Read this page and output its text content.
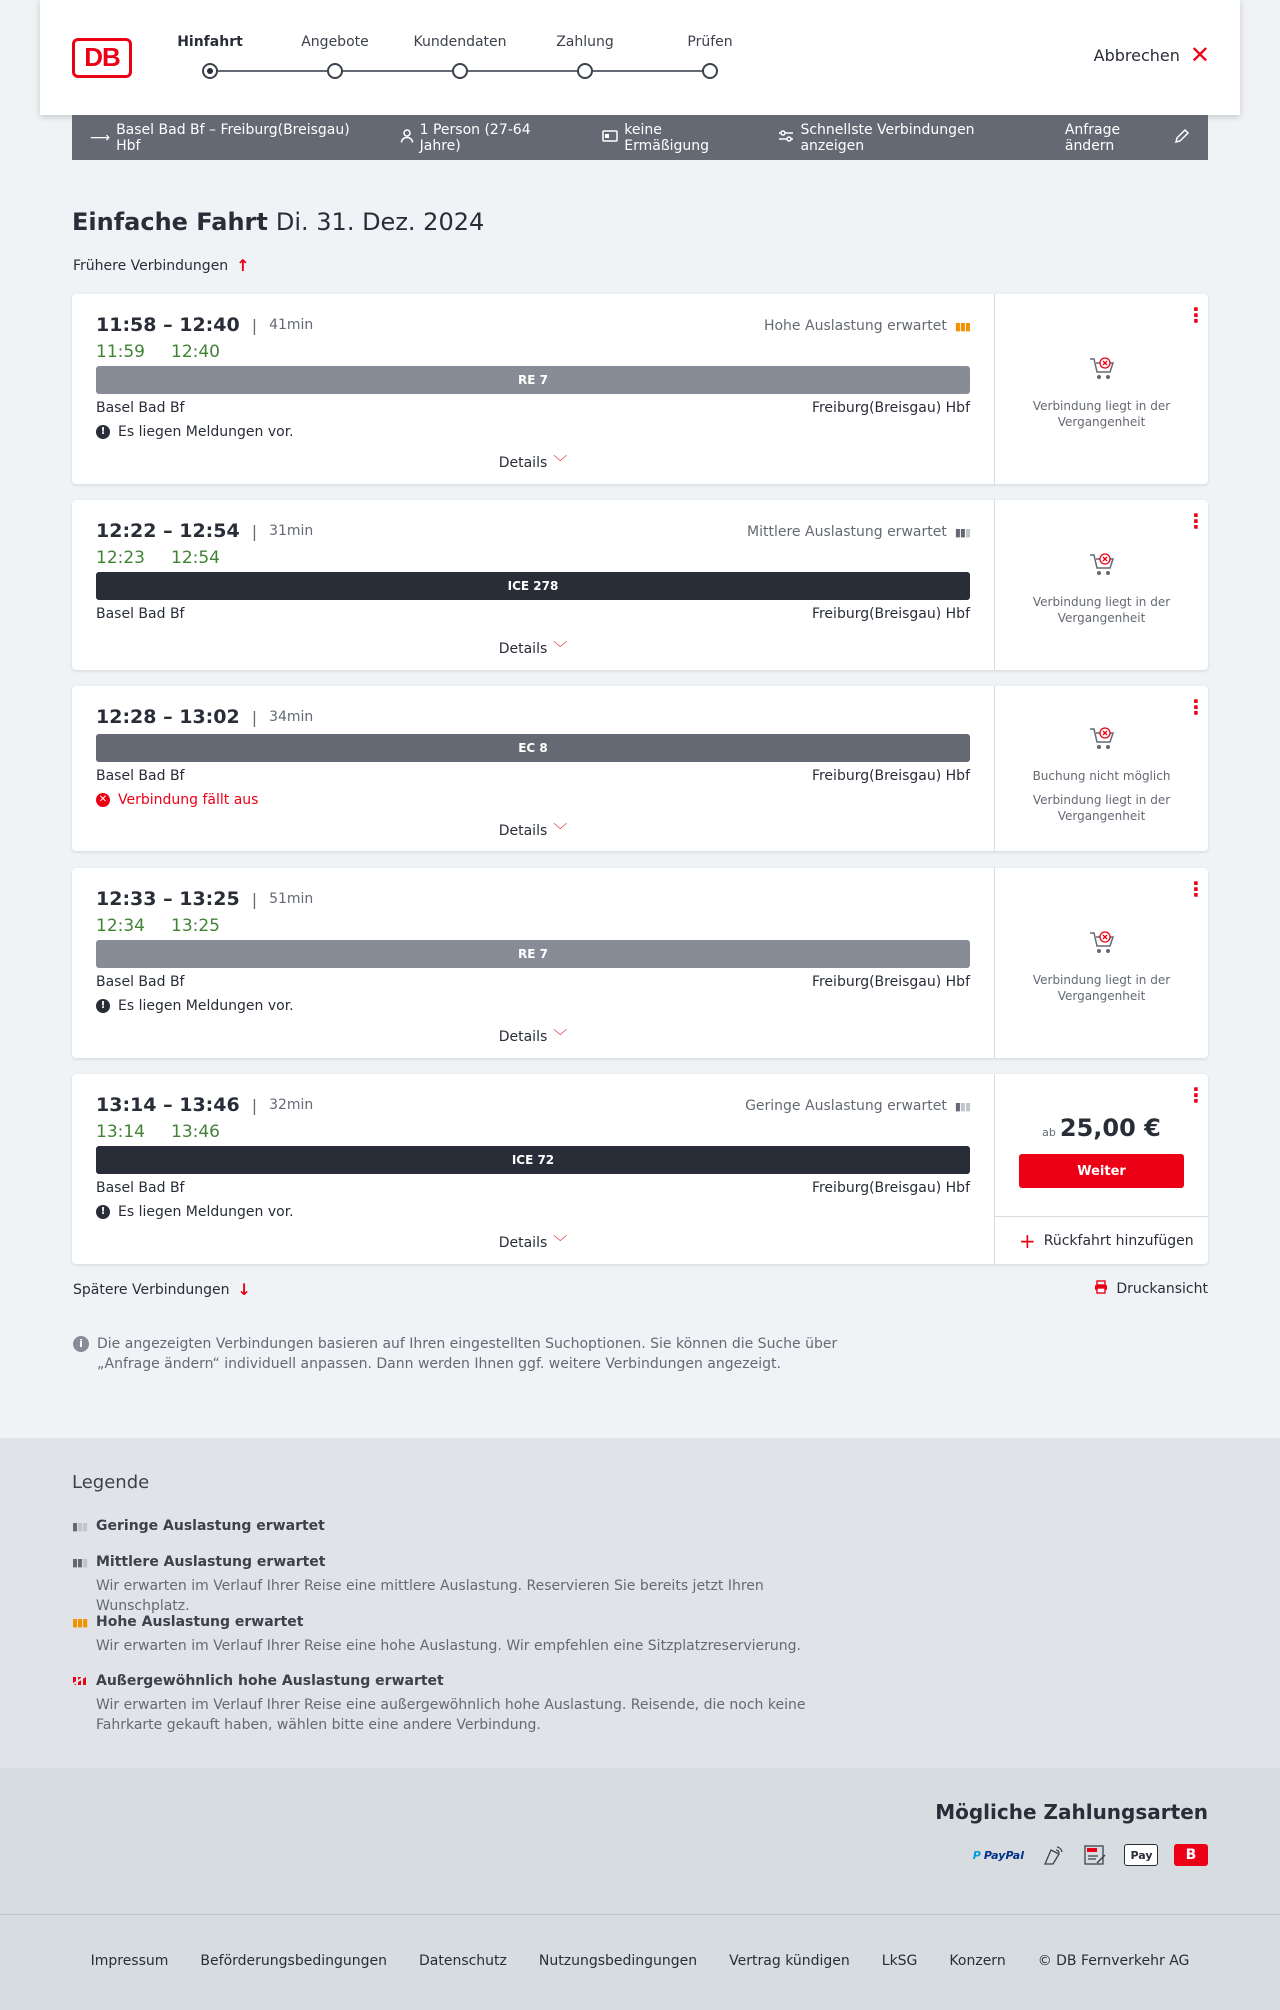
DB	Hinfahrt	Angebote	Kundendaten	Zahlung	Prüfen
Abbrechen ✕
⟶ Basel Bad Bf – Freiburg(Breisgau) Hbf
1 Person (27-64 Jahre)
keine Ermäßigung
Schnellste Verbindungen anzeigen
Anfrage ändern
Einfache Fahrt Di. 31. Dez. 2024
Frühere Verbindungen ↑
11:58 – 12:40 | 41min
11:59 12:40
Hohe Auslastung erwartet ▮▮▮
RE 7
Basel Bad Bf	Freiburg(Breisgau) Hbf
! Es liegen Meldungen vor.
Details ﹀
⋮
Verbindung liegt in der Vergangenheit
12:22 – 12:54 | 31min
12:23 12:54
Mittlere Auslastung erwartet ▮▮▮
ICE 278
Basel Bad Bf	Freiburg(Breisgau) Hbf
Details ﹀
⋮
Verbindung liegt in der Vergangenheit
12:28 – 13:02 | 34min
EC 8
Basel Bad Bf	Freiburg(Breisgau) Hbf
✕ Verbindung fällt aus
Details ﹀
⋮
Buchung nicht möglich
Verbindung liegt in der Vergangenheit
12:33 – 13:25 | 51min
12:34 13:25
RE 7
Basel Bad Bf	Freiburg(Breisgau) Hbf
! Es liegen Meldungen vor.
Details ﹀
⋮
Verbindung liegt in der Vergangenheit
13:14 – 13:46 | 32min
13:14 13:46
Geringe Auslastung erwartet ▮▮▮
ICE 72
Basel Bad Bf	Freiburg(Breisgau) Hbf
! Es liegen Meldungen vor.
Details ﹀
⋮
ab 25,00 €
Weiter
+ Rückfahrt hinzufügen
Spätere Verbindungen ↓	Druckansicht
i	Die angezeigten Verbindungen basieren auf Ihren eingestellten Suchoptionen. Sie können die Suche über „Anfrage ändern“ individuell anpassen. Dann werden Ihnen ggf. weitere Verbindungen angezeigt.
Legende
▮▮▮ Geringe Auslastung erwartet
▮▮▮ Mittlere Auslastung erwartet
Wir erwarten im Verlauf Ihrer Reise eine mittlere Auslastung. Reservieren Sie bereits jetzt Ihren Wunschplatz.
▮▮▮ Hohe Auslastung erwartet
Wir erwarten im Verlauf Ihrer Reise eine hohe Auslastung. Wir empfehlen eine Sitzplatzreservierung.
Außergewöhnlich hohe Auslastung erwartet
Wir erwarten im Verlauf Ihrer Reise eine außergewöhnlich hohe Auslastung. Reisende, die noch keine Fahrkarte gekauft haben, wählen bitte eine andere Verbindung.
Mögliche Zahlungsarten
P PayPal	Pay	B
Impressum Beförderungsbedingungen Datenschutz Nutzungsbedingungen Vertrag kündigen LkSG Konzern © DB Fernverkehr AG
